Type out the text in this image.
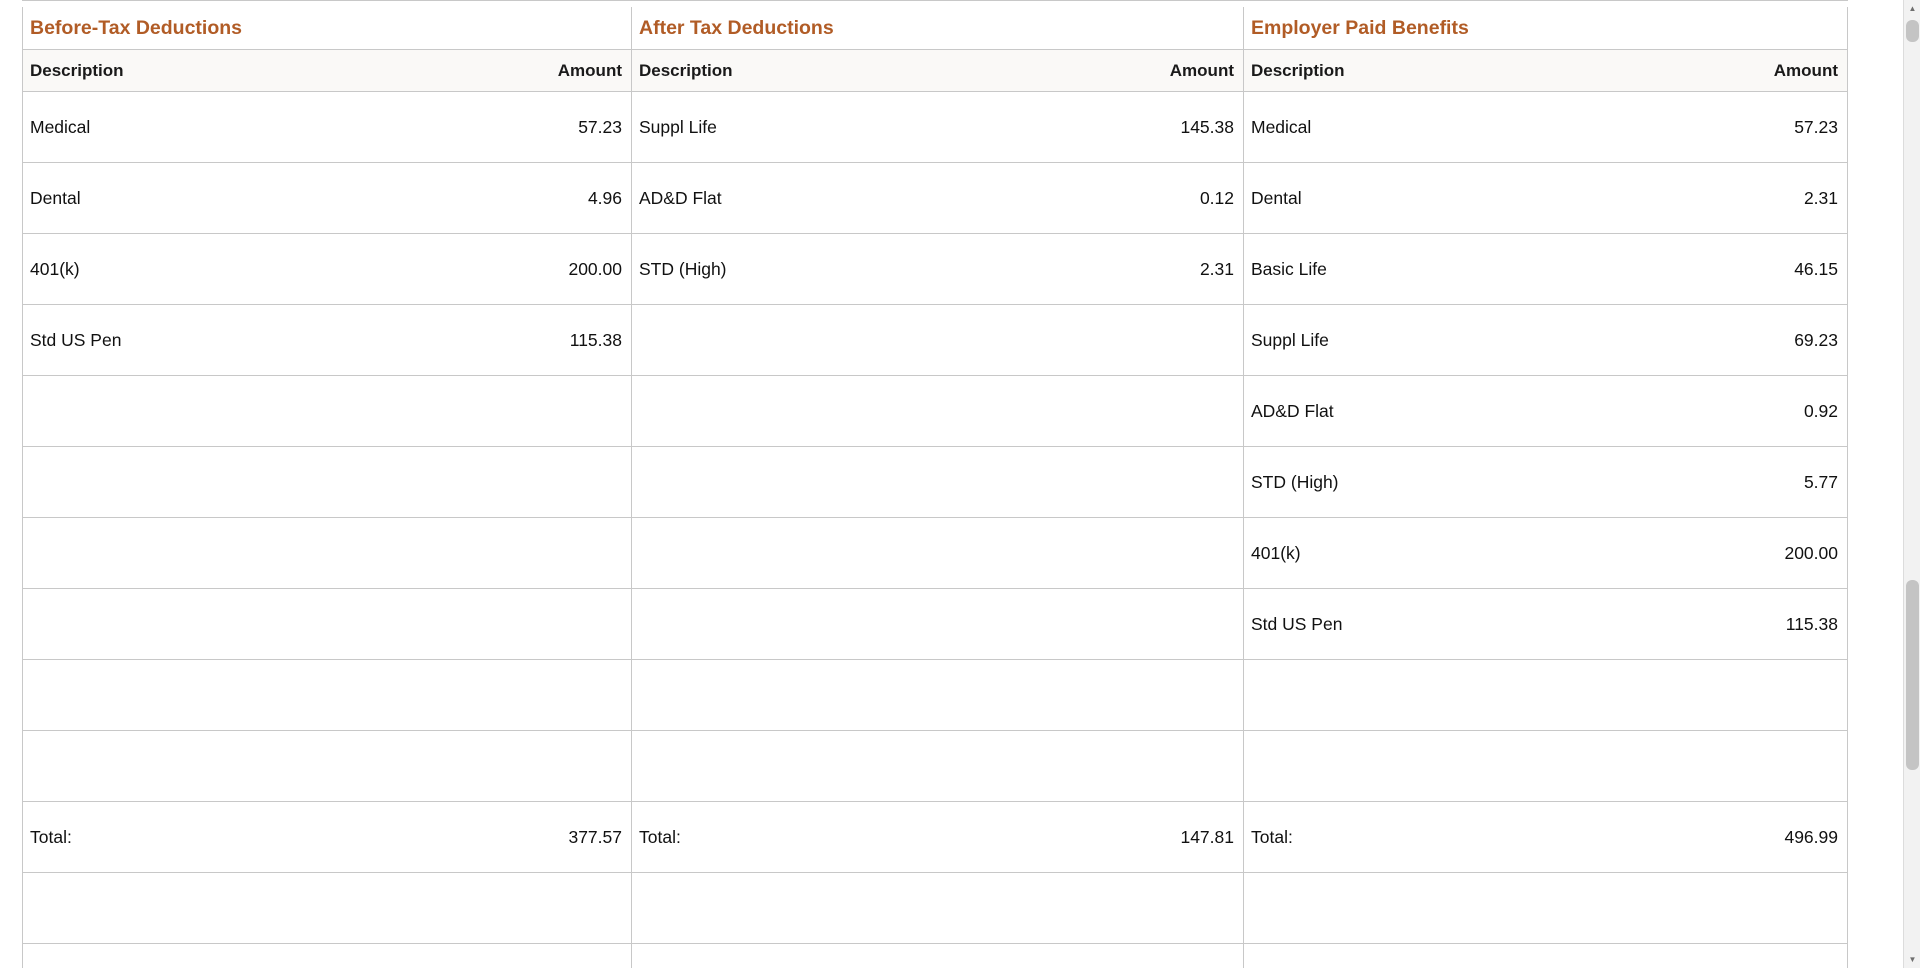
Before-Tax Deductions
Description	Amount
Medical	57.23
Dental	4.96
401(k)	200.00
Std US Pen	115.38
Total:	377.57
After Tax Deductions
Description	Amount
Suppl Life	145.38
AD&D Flat	0.12
STD (High)	2.31
Total:	147.81
Employer Paid Benefits
Description	Amount
Medical	57.23
Dental	2.31
Basic Life	46.15
Suppl Life	69.23
AD&D Flat	0.92
STD (High)	5.77
401(k)	200.00
Std US Pen	115.38
Total:	496.99
▲
▼
